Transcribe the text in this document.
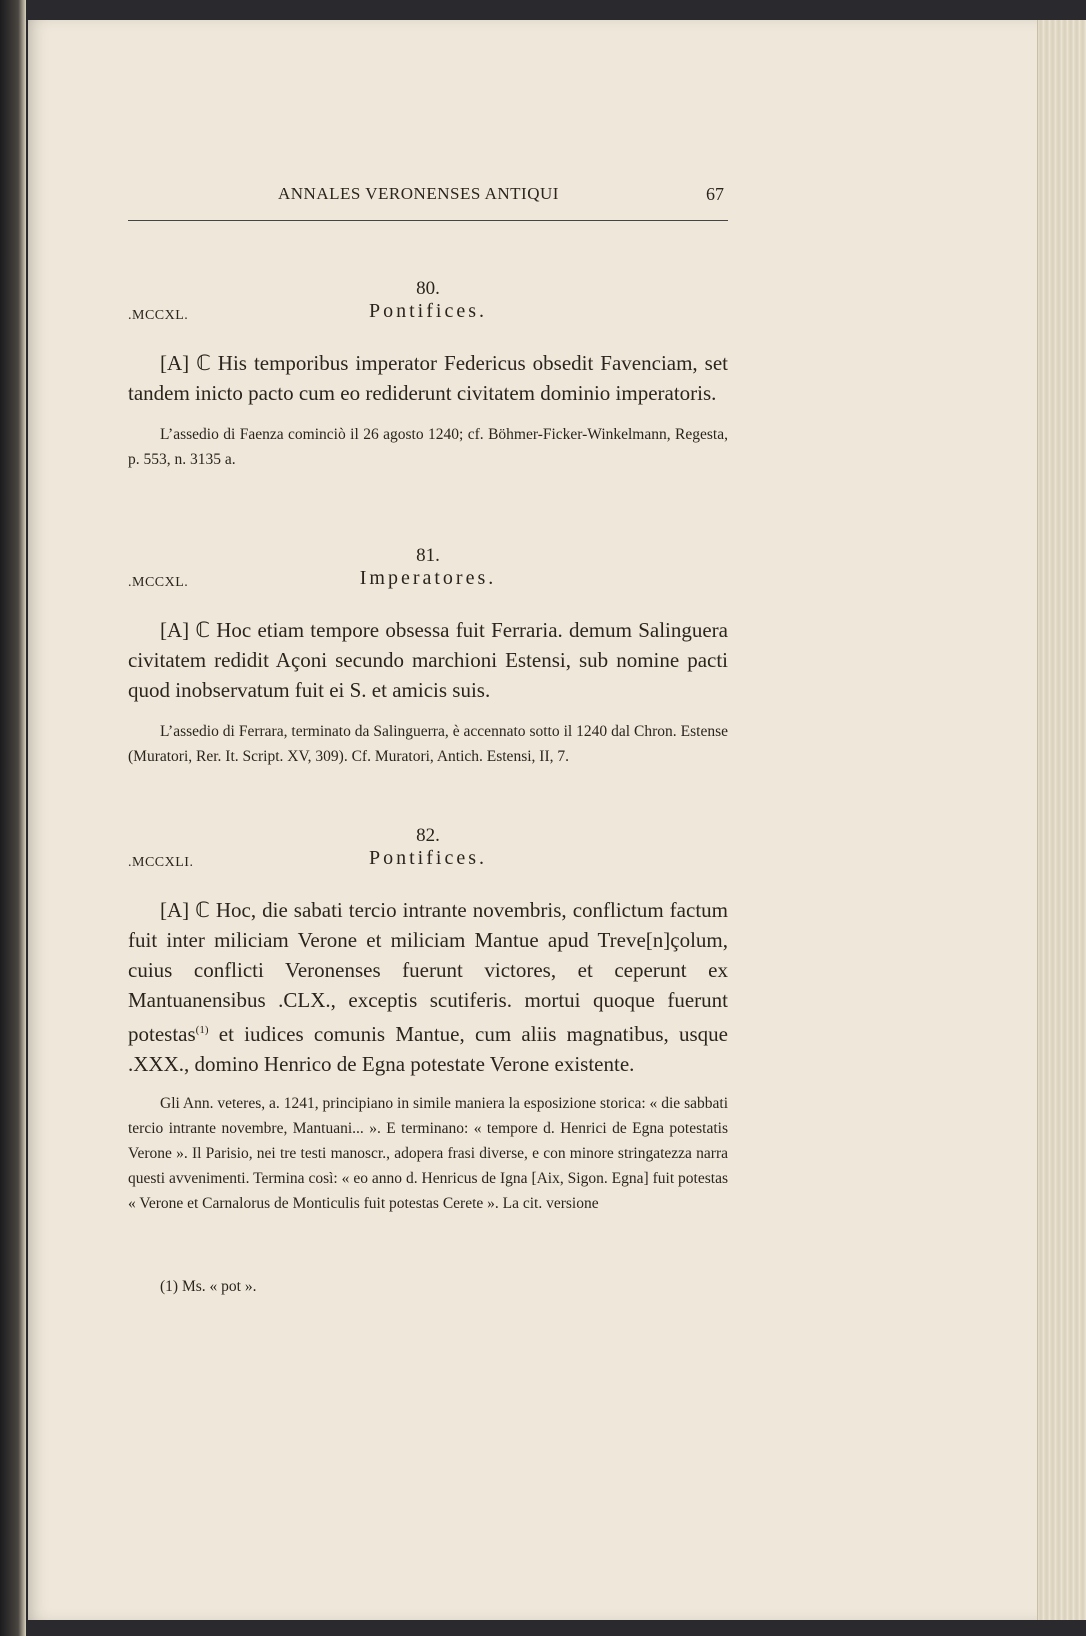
ANNALES VERONENSES ANTIQUI	67
80.
.MCCXL.	Pontifices.

[A] ℂ His temporibus imperator Federicus obsedit Favenciam, set tandem inicto pacto cum eo rediderunt civitatem dominio imperatoris.

L’assedio di Faenza cominciò il 26 agosto 1240; cf. Böhmer-Ficker-Winkelmann, Regesta, p. 553, n. 3135 a.

81.
.MCCXL.	Imperatores.

[A] ℂ Hoc etiam tempore obsessa fuit Ferraria. demum Salinguera civitatem redidit Açoni secundo marchioni Estensi, sub nomine pacti quod inobservatum fuit ei S. et amicis suis.

L’assedio di Ferrara, terminato da Salinguerra, è accennato sotto il 1240 dal Chron. Estense (Muratori, Rer. It. Script. XV, 309). Cf. Muratori, Antich. Estensi, II, 7.

82.
.MCCXLI.	Pontifices.

[A] ℂ Hoc, die sabati tercio intrante novembris, conflictum factum fuit inter miliciam Verone et miliciam Mantue apud Treve[n]çolum, cuius conflicti Veronenses fuerunt victores, et ceperunt ex Mantuanensibus .CLX., exceptis scutiferis. mortui quoque fuerunt potestas$^{(1)}$ et iudices comunis Mantue, cum aliis magnatibus, usque .XXX., domino Henrico de Egna potestate Verone existente.

Gli Ann. veteres, a. 1241, principiano in simile maniera la esposizione storica: « die sabbati tercio intrante novembre, Mantuani... ». E terminano: « tempore d. Henrici de Egna potestatis Verone ». Il Parisio, nei tre testi manoscr., adopera frasi diverse, e con minore stringatezza narra questi avvenimenti. Termina così: « eo anno d. Henricus de Igna [Aix, Sigon. Egna] fuit potestas « Verone et Carnalorus de Monticulis fuit potestas Cerete ». La cit. versione

(1) Ms. « pot ».
